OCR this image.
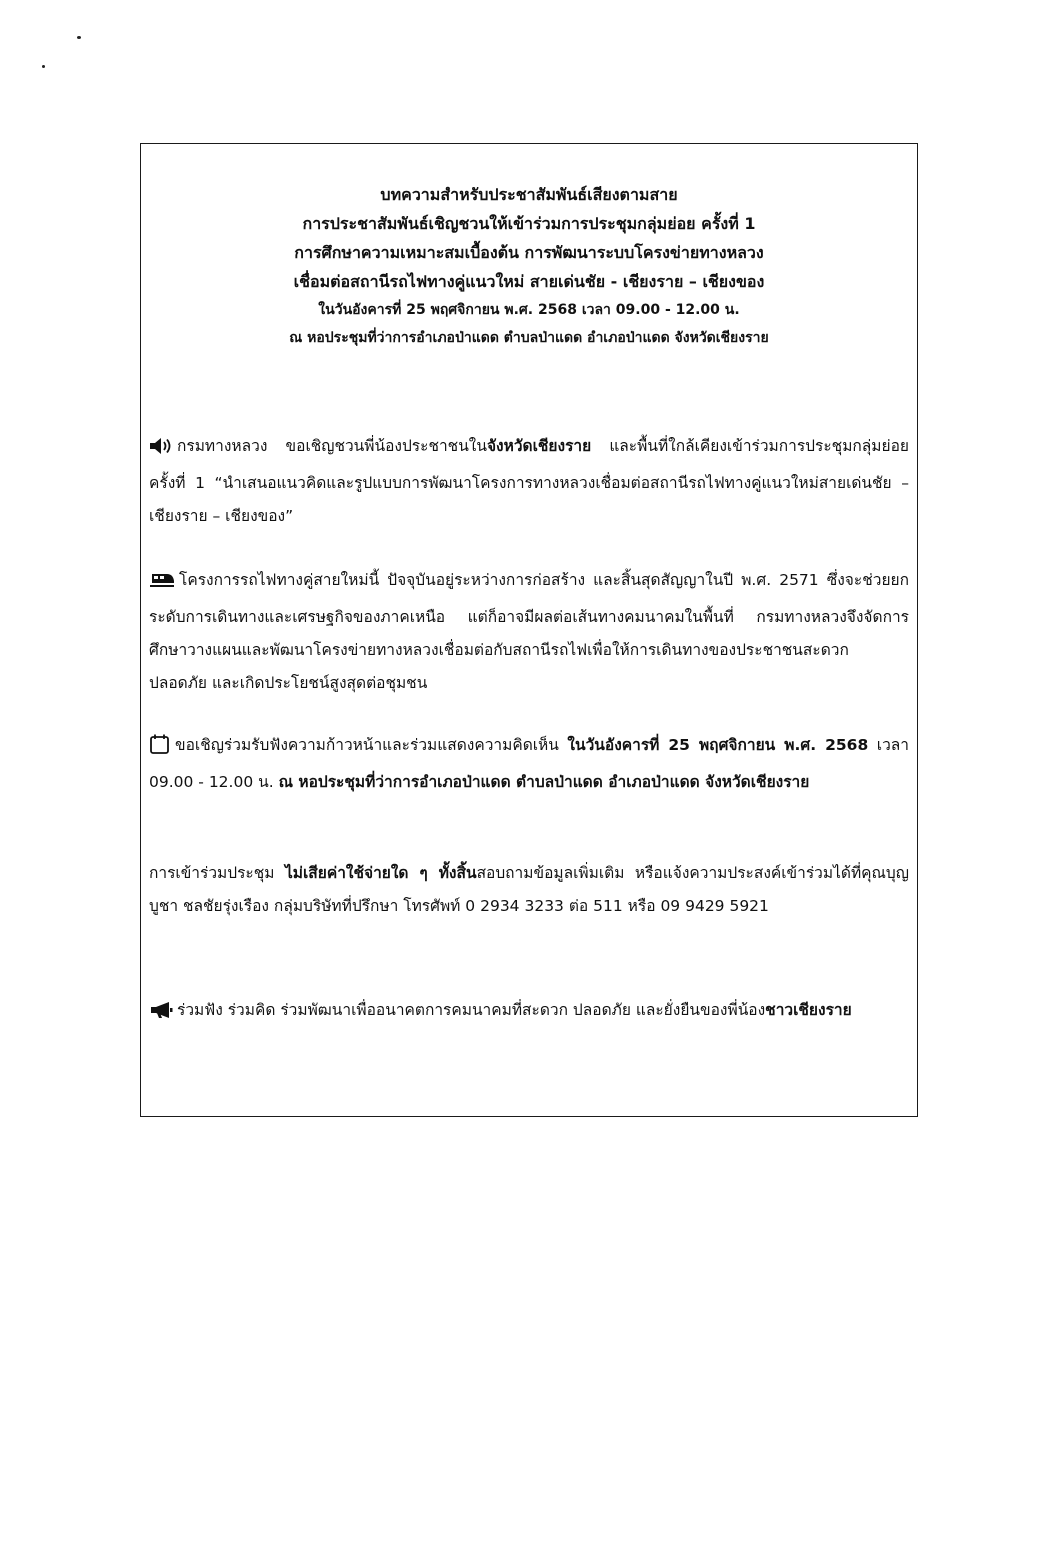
บทความสำหรับประชาสัมพันธ์เสียงตามสาย
การประชาสัมพันธ์เชิญชวนให้เข้าร่วมการประชุมกลุ่มย่อย ครั้งที่ 1
การศึกษาความเหมาะสมเบื้องต้น การพัฒนาระบบโครงข่ายทางหลวง
เชื่อมต่อสถานีรถไฟทางคู่แนวใหม่ สายเด่นชัย - เชียงราย – เชียงของ
ในวันอังคารที่ 25 พฤศจิกายน พ.ศ. 2568 เวลา 09.00 - 12.00 น.
ณ หอประชุมที่ว่าการอำเภอป่าแดด ตำบลป่าแดด อำเภอป่าแดด จังหวัดเชียงราย
กรมทางหลวง ขอเชิญชวนพี่น้องประชาชนในจังหวัดเชียงราย และพื้นที่ใกล้เคียงเข้าร่วมการประชุมกลุ่มย่อย ครั้งที่ 1 “นำเสนอแนวคิดและรูปแบบการพัฒนาโครงการทางหลวงเชื่อมต่อสถานีรถไฟทางคู่แนวใหม่สายเด่นชัย – เชียงราย – เชียงของ”
โครงการรถไฟทางคู่สายใหม่นี้ ปัจจุบันอยู่ระหว่างการก่อสร้าง และสิ้นสุดสัญญาในปี พ.ศ. 2571 ซึ่งจะช่วยยกระดับการเดินทางและเศรษฐกิจของภาคเหนือ แต่ก็อาจมีผลต่อเส้นทางคมนาคมในพื้นที่ กรมทางหลวงจึงจัดการศึกษาวางแผนและพัฒนาโครงข่ายทางหลวงเชื่อมต่อกับสถานีรถไฟเพื่อให้การเดินทางของประชาชนสะดวก ปลอดภัย และเกิดประโยชน์สูงสุดต่อชุมชน
ขอเชิญร่วมรับฟังความก้าวหน้าและร่วมแสดงความคิดเห็น ในวันอังคารที่ 25 พฤศจิกายน พ.ศ. 2568 เวลา 09.00 - 12.00 น. ณ หอประชุมที่ว่าการอำเภอป่าแดด ตำบลป่าแดด อำเภอป่าแดด จังหวัดเชียงราย
การเข้าร่วมประชุม ไม่เสียค่าใช้จ่ายใด ๆ ทั้งสิ้นสอบถามข้อมูลเพิ่มเติม หรือแจ้งความประสงค์เข้าร่วมได้ที่คุณบุญบูชา ชลชัยรุ่งเรือง กลุ่มบริษัทที่ปรึกษา โทรศัพท์ 0 2934 3233 ต่อ 511 หรือ 09 9429 5921
ร่วมฟัง ร่วมคิด ร่วมพัฒนาเพื่ออนาคตการคมนาคมที่สะดวก ปลอดภัย และยั่งยืนของพี่น้องชาวเชียงราย
